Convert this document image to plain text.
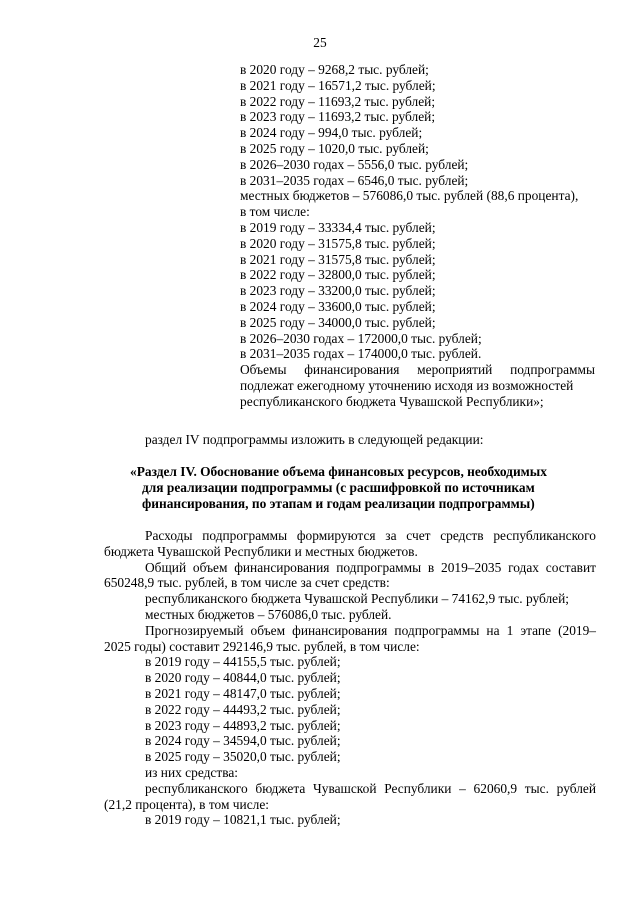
25
в 2020 году – 9268,2 тыс. рублей;
в 2021 году – 16571,2 тыс. рублей;
в 2022 году – 11693,2 тыс. рублей;
в 2023 году – 11693,2 тыс. рублей;
в 2024 году – 994,0 тыс. рублей;
в 2025 году – 1020,0 тыс. рублей;
в 2026–2030 годах – 5556,0 тыс. рублей;
в 2031–2035 годах – 6546,0 тыс. рублей;
местных бюджетов – 576086,0 тыс. рублей (88,6 процента),
в том числе:
в 2019 году – 33334,4 тыс. рублей;
в 2020 году – 31575,8 тыс. рублей;
в 2021 году – 31575,8 тыс. рублей;
в 2022 году – 32800,0 тыс. рублей;
в 2023 году – 33200,0 тыс. рублей;
в 2024 году – 33600,0 тыс. рублей;
в 2025 году – 34000,0 тыс. рублей;
в 2026–2030 годах – 172000,0 тыс. рублей;
в 2031–2035 годах – 174000,0 тыс. рублей.
Объемы финансирования мероприятий подпрограммы
подлежат ежегодному уточнению исходя из возможностей
республиканского бюджета Чувашской Республики»;
раздел IV подпрограммы изложить в следующей редакции:
«Раздел IV. Обоснование объема финансовых ресурсов, необходимых
для реализации подпрограммы (с расшифровкой по источникам
финансирования, по этапам и годам реализации подпрограммы)
Расходы подпрограммы формируются за счет средств республиканского
бюджета Чувашской Республики и местных бюджетов.
Общий объем финансирования подпрограммы в 2019–2035 годах составит
650248,9 тыс. рублей, в том числе за счет средств:
республиканского бюджета Чувашской Республики – 74162,9 тыс. рублей;
местных бюджетов – 576086,0 тыс. рублей.
Прогнозируемый объем финансирования подпрограммы на 1 этапе (2019–
2025 годы) составит 292146,9 тыс. рублей, в том числе:
в 2019 году – 44155,5 тыс. рублей;
в 2020 году – 40844,0 тыс. рублей;
в 2021 году – 48147,0 тыс. рублей;
в 2022 году – 44493,2 тыс. рублей;
в 2023 году – 44893,2 тыс. рублей;
в 2024 году – 34594,0 тыс. рублей;
в 2025 году – 35020,0 тыс. рублей;
из них средства:
республиканского бюджета Чувашской Республики – 62060,9 тыс. рублей
(21,2 процента), в том числе:
в 2019 году – 10821,1 тыс. рублей;
